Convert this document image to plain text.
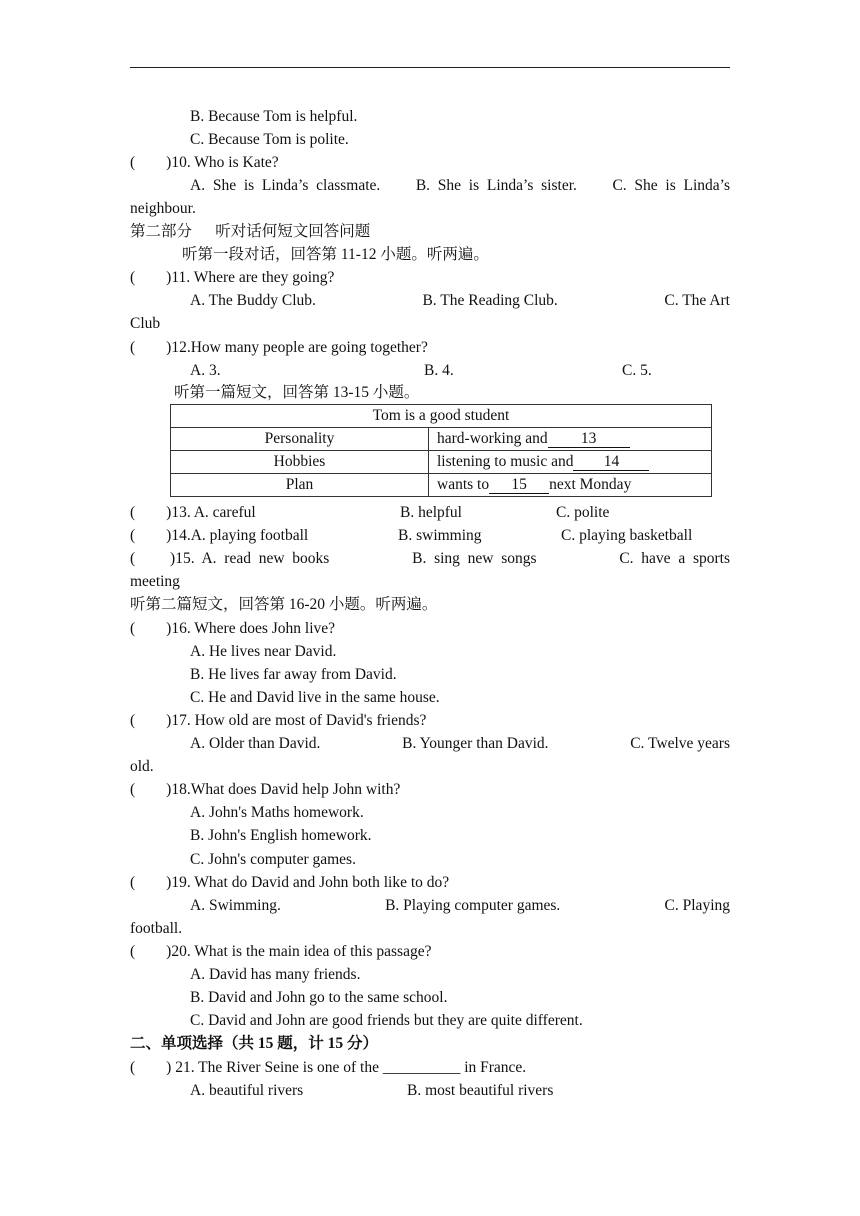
B. Because Tom is helpful.
C. Because Tom is polite.
(        )10. Who is Kate?
A.  She  is  Linda’s  classmate. B.  She  is  Linda’s  sister. C.  She  is  Linda’s
neighbour.
第二部分      听对话何短文回答问题
听第一段对话，回答第 11-12 小题。听两遍。
(        )11. Where are they going?
A. The Buddy Club.	B. The Reading Club.	C. The Art
Club
(        )12.How many people are going together?
A. 3.	B. 4.	C. 5.
听第一篇短文，回答第 13-15 小题。
Tom is a good student	
Personality	hard-working and 13
Hobbies	listening to music and 14
Plan	wants to 15 next Monday
(        )13. A. careful	B. helpful	C. polite
(        )14.A. playing football	B. swimming	C. playing basketball
(         )15.  A.  read  new  books	B.  sing  new  songs	C.  have  a  sports
meeting
听第二篇短文，回答第 16-20 小题。听两遍。
(        )16. Where does John live?
A. He lives near David.
B. He lives far away from David.
C. He and David live in the same house.
(        )17. How old are most of David's friends?
A. Older than David.	B. Younger than David.	C. Twelve years
old.
(        )18.What does David help John with?
A. John's Maths homework.
B. John's English homework.
C. John's computer games.
(        )19. What do David and John both like to do?
A. Swimming.	B. Playing computer games.	C. Playing
football.
(        )20. What is the main idea of this passage?
A. David has many friends.
B. David and John go to the same school.
C. David and John are good friends but they are quite different.
二、单项选择（共 15 题，计 15 分）
(        ) 21. The River Seine is one of the __________ in France.
A. beautiful rivers	B. most beautiful rivers
